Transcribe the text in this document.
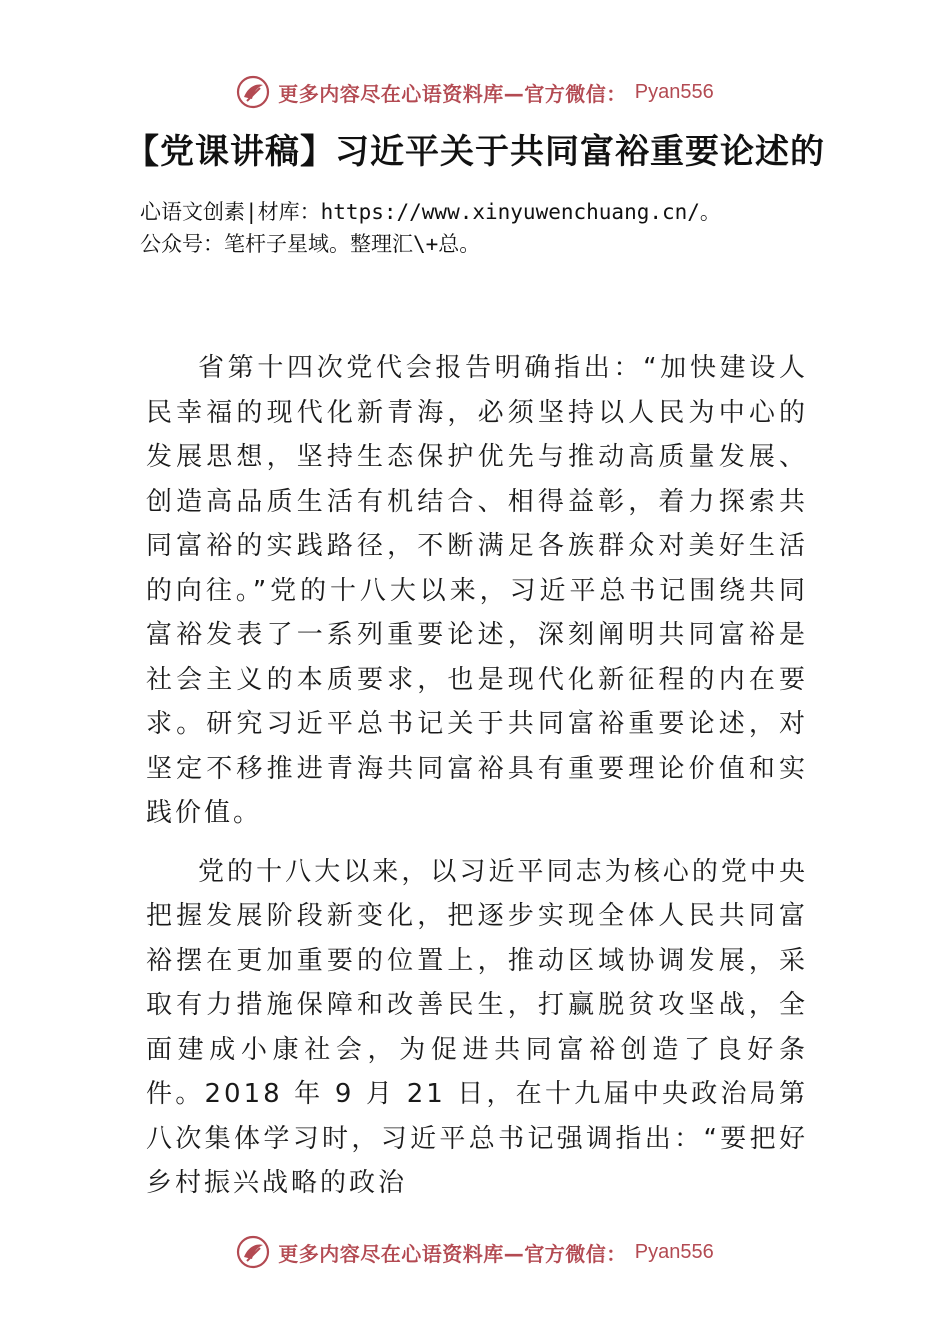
更多内容尽在心语资料库—官方微信： Pyan556
【党课讲稿】习近平关于共同富裕重要论述的
心语文创素|材库：https://www.xinyuwenchuang.cn/。
公众号：笔杆子星域。整理汇\+总。

省第十四次党代会报告明确指出：“加快建设人民幸福的现代化新青海，必须坚持以人民为中心的发展思想，坚持生态保护优先与推动高质量发展、创造高品质生活有机结合、相得益彰，着力探索共同富裕的实践路径，不断满足各族群众对美好生活的向往。”党的十八大以来，习近平总书记围绕共同富裕发表了一系列重要论述，深刻阐明共同富裕是社会主义的本质要求，也是现代化新征程的内在要求。研究习近平总书记关于共同富裕重要论述，对坚定不移推进青海共同富裕具有重要理论价值和实践价值。

党的十八大以来，以习近平同志为核心的党中央把握发展阶段新变化，把逐步实现全体人民共同富裕摆在更加重要的位置上，推动区域协调发展，采取有力措施保障和改善民生，打赢脱贫攻坚战，全面建成小康社会，为促进共同富裕创造了良好条件。2018 年 9 月 21 日，在十九届中央政治局第八次集体学习时，习近平总书记强调指出：“要把好乡村振兴战略的政治

更多内容尽在心语资料库—官方微信： Pyan556
